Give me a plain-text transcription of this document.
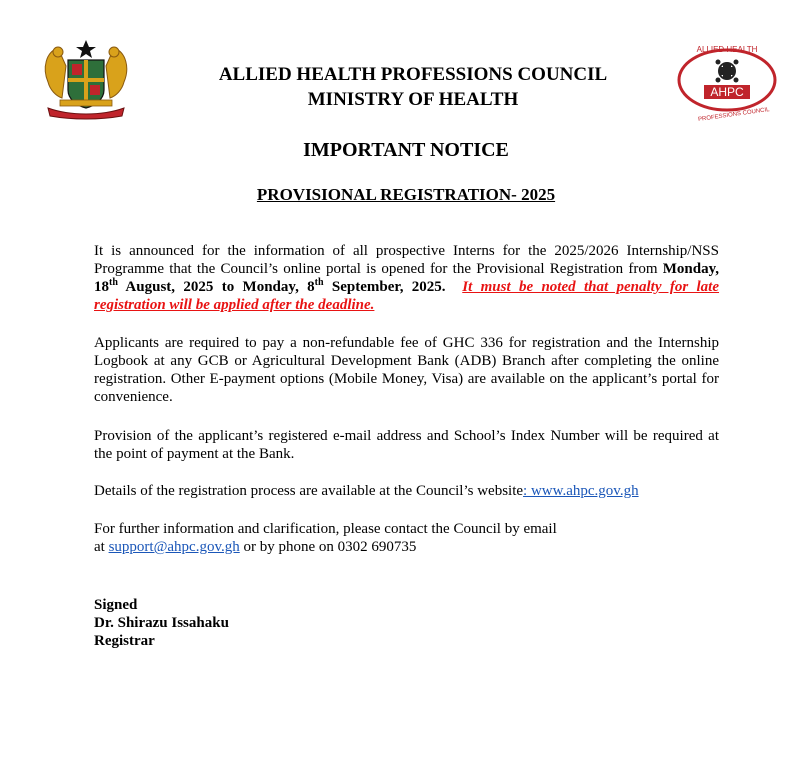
AHPC
ALLIED HEALTH
PROFESSIONS COUNCIL
ALLIED HEALTH PROFESSIONS COUNCIL
MINISTRY OF HEALTH
IMPORTANT NOTICE
PROVISIONAL REGISTRATION- 2025
It is announced for the information of all prospective Interns for the 2025/2026 Internship/NSS Programme that the Council’s online portal is opened for the Provisional Registration from Monday, 18th August, 2025 to Monday, 8th September, 2025. It must be noted that penalty for late registration will be applied after the deadline.
Applicants are required to pay a non-refundable fee of GHC 336 for registration and the Internship Logbook at any GCB or Agricultural Development Bank (ADB) Branch after completing the online registration. Other E-payment options (Mobile Money, Visa) are available on the applicant’s portal for convenience.
Provision of the applicant’s registered e-mail address and School’s Index Number will be required at the point of payment at the Bank.
Details of the registration process are available at the Council’s website: www.ahpc.gov.gh
For further information and clarification, please contact the Council by email
at support@ahpc.gov.gh or by phone on 0302 690735
Signed
Dr. Shirazu Issahaku
Registrar
